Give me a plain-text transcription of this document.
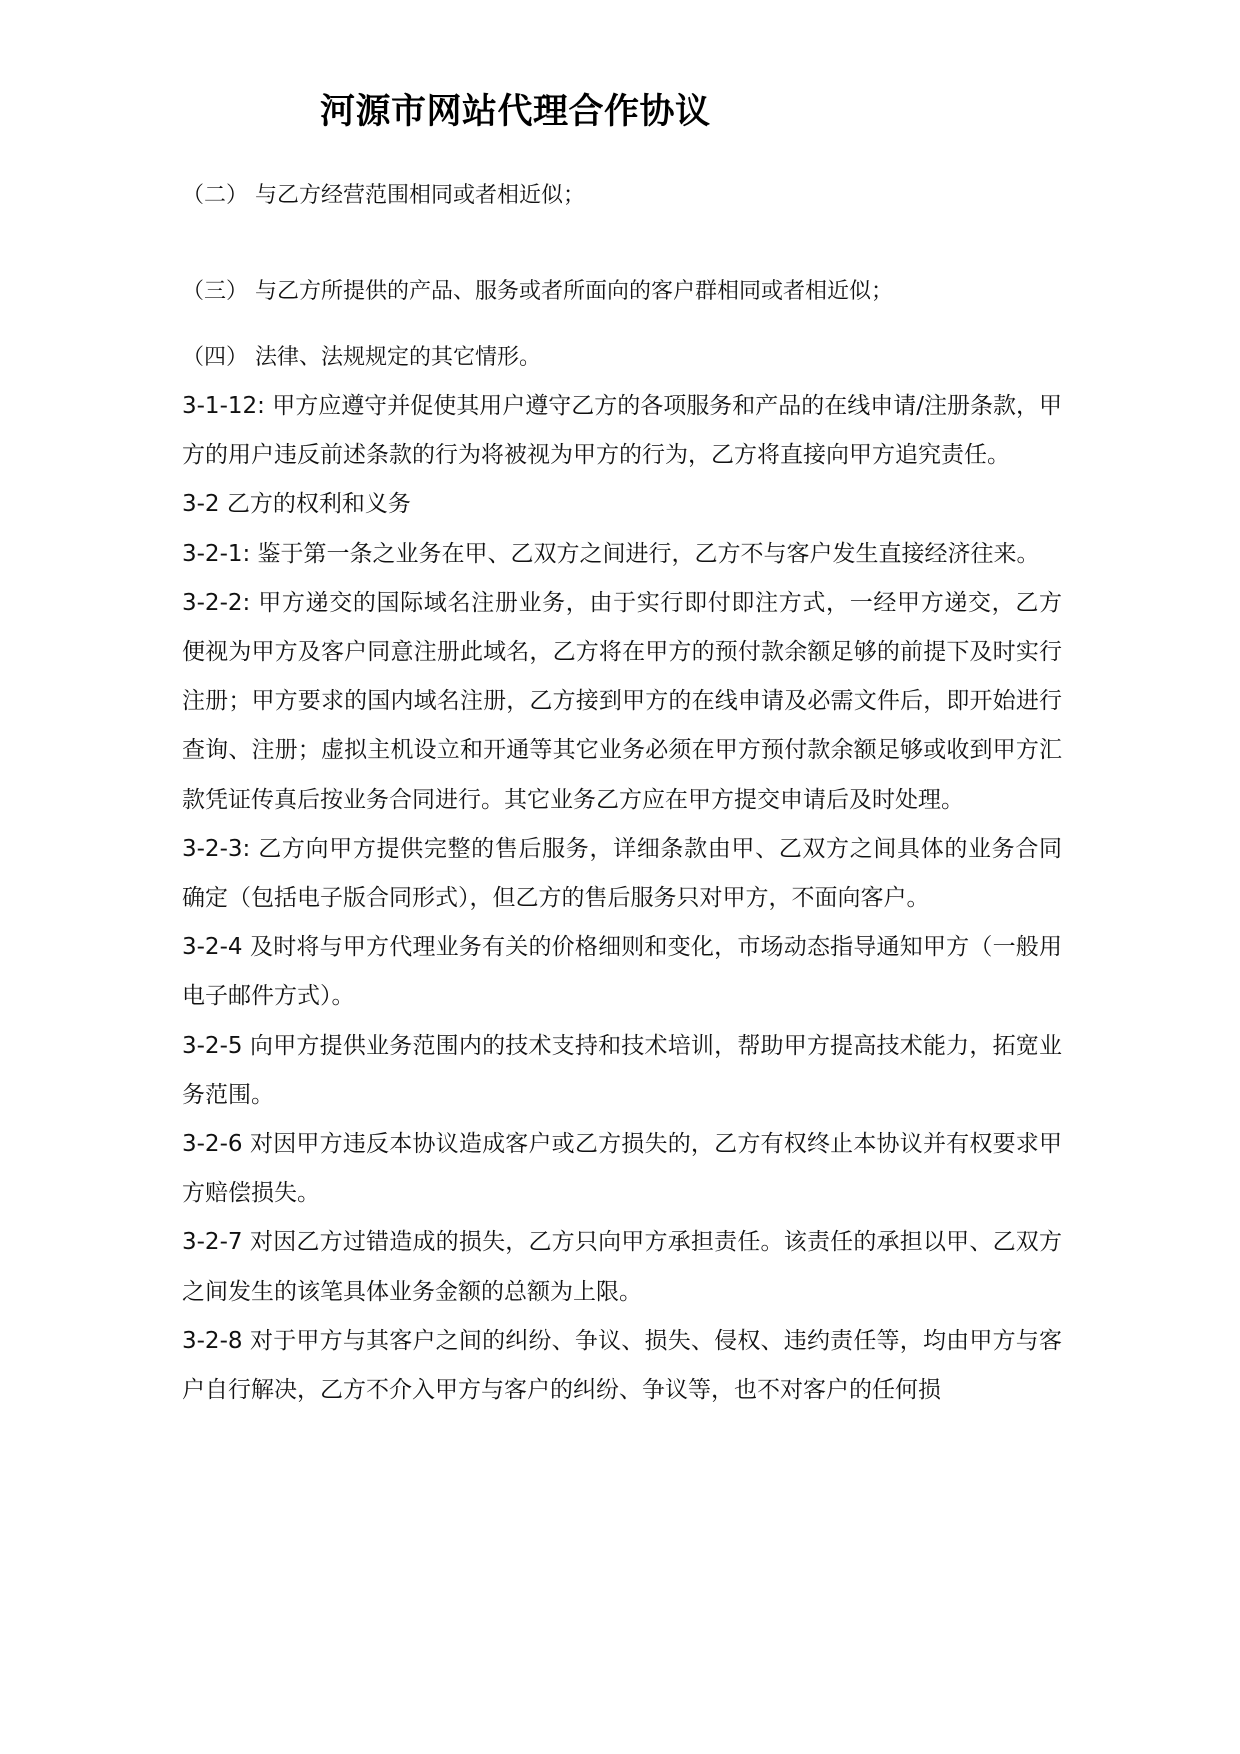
河源市网站代理合作协议
（二） 与乙方经营范围相同或者相近似；
（三） 与乙方所提供的产品、服务或者所面向的客户群相同或者相近似；
（四） 法律、法规规定的其它情形。

3-1-12: 甲方应遵守并促使其用户遵守乙方的各项服务和产品的在线申请/注册条款，甲方的用户违反前述条款的行为将被视为甲方的行为，乙方将直接向甲方追究责任。

3-2 乙方的权利和义务

3-2-1: 鉴于第一条之业务在甲、乙双方之间进行，乙方不与客户发生直接经济往来。

3-2-2: 甲方递交的国际域名注册业务，由于实行即付即注方式，一经甲方递交，乙方便视为甲方及客户同意注册此域名，乙方将在甲方的预付款余额足够的前提下及时实行注册；甲方要求的国内域名注册，乙方接到甲方的在线申请及必需文件后，即开始进行查询、注册；虚拟主机设立和开通等其它业务必须在甲方预付款余额足够或收到甲方汇款凭证传真后按业务合同进行。其它业务乙方应在甲方提交申请后及时处理。

3-2-3: 乙方向甲方提供完整的售后服务，详细条款由甲、乙双方之间具体的业务合同确定（包括电子版合同形式），但乙方的售后服务只对甲方，不面向客户。

3-2-4 及时将与甲方代理业务有关的价格细则和变化，市场动态指导通知甲方（一般用电子邮件方式）。

3-2-5 向甲方提供业务范围内的技术支持和技术培训，帮助甲方提高技术能力，拓宽业务范围。

3-2-6 对因甲方违反本协议造成客户或乙方损失的，乙方有权终止本协议并有权要求甲方赔偿损失。

3-2-7 对因乙方过错造成的损失，乙方只向甲方承担责任。该责任的承担以甲、乙双方之间发生的该笔具体业务金额的总额为上限。

3-2-8 对于甲方与其客户之间的纠纷、争议、损失、侵权、违约责任等，均由甲方与客户自行解决，乙方不介入甲方与客户的纠纷、争议等，也不对客户的任何损
